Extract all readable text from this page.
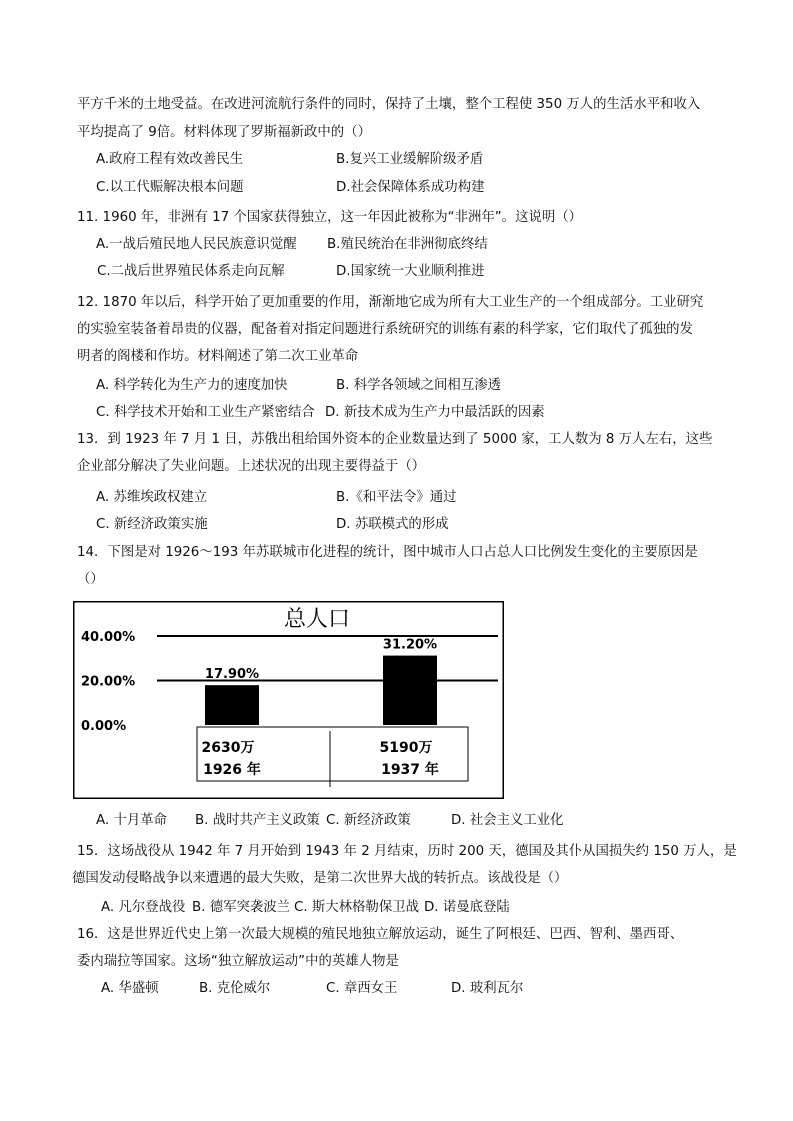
平方千米的土地受益。在改进河流航行条件的同时，保持了土壤，整个工程使 350 万人的生活水平和收入
平均提高了 9倍。材料体现了罗斯福新政中的（）
A.政府工程有效改善民生	B.复兴工业缓解阶级矛盾
C.以工代赈解决根本问题	D.社会保障体系成功构建
11. 1960 年，非洲有 17 个国家获得独立，这一年因此被称为“非洲年”。这说明（）
A.一战后殖民地人民民族意识觉醒 B.殖民统治在非洲彻底终结
C.二战后世界殖民体系走向瓦解	D.国家统一大业顺利推进
12. 1870 年以后，科学开始了更加重要的作用，渐渐地它成为所有大工业生产的一个组成部分。工业研究
的实验室装备着昂贵的仪器，配备着对指定问题进行系统研究的训练有素的科学家，它们取代了孤独的发
明者的阁楼和作坊。材料阐述了第二次工业革命
A. 科学转化为生产力的速度加快	B. 科学各领域之间相互渗透
C. 科学技术开始和工业生产紧密结合 D. 新技术成为生产力中最活跃的因素
13．到 1923 年 7 月 1 日，苏俄出租给国外资本的企业数量达到了 5000 家，工人数为 8 万人左右，这些
企业部分解决了失业问题。上述状况的出现主要得益于（）
A. 苏维埃政权建立	B.《和平法令》通过
C. 新经济政策实施	D. 苏联模式的形成
14．下图是对 1926～193 年苏联城市化进程的统计，图中城市人口占总人口比例发生变化的主要原因是
（）
总人口
40.00%
20.00%
0.00%
17.90%
31.20%
2630万
1926 年
5190万
1937 年
A. 十月革命 B. 战时共产主义政策 C. 新经济政策	D. 社会主义工业化
15．这场战役从 1942 年 7 月开始到 1943 年 2 月结束，历时 200 天，德国及其仆从国损失约 150 万人，是
德国发动侵略战争以来遭遇的最大失败，是第二次世界大战的转折点。该战役是（）
A. 凡尔登战役 B. 德军突袭波兰 C. 斯大林格勒保卫战 D. 诺曼底登陆
16．这是世界近代史上第一次最大规模的殖民地独立解放运动，诞生了阿根廷、巴西、智利、墨西哥、
委内瑞拉等国家。这场“独立解放运动”中的英雄人物是
A. 华盛顿	B. 克伦威尔	C. 章西女王	D. 玻利瓦尔
